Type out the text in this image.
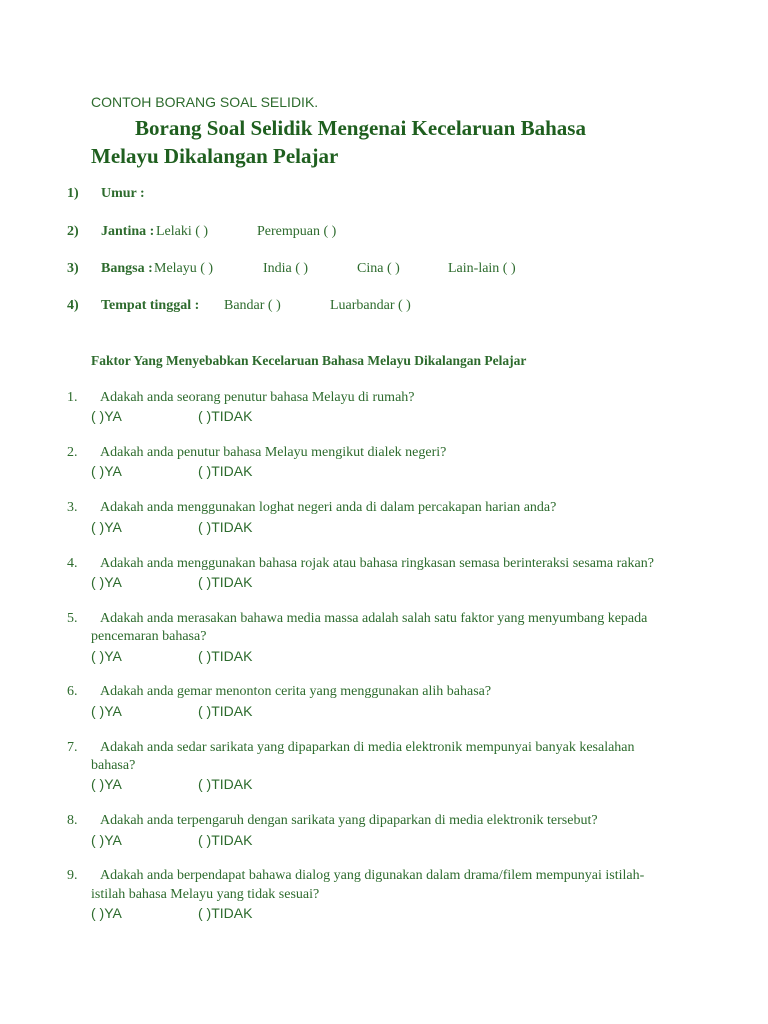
CONTOH BORANG SOAL SELIDIK.
Borang Soal Selidik Mengenai Kecelaruan Bahasa
Melayu Dikalangan Pelajar
1) Umur :
2) Jantina : Lelaki ( )	Perempuan ( )
3) Bangsa : Melayu ( )	India ( )	Cina ( )	Lain-lain ( )
4) Tempat tinggal : Bandar ( )	Luarbandar ( )
Faktor Yang Menyebabkan Kecelaruan Bahasa Melayu Dikalangan Pelajar
1. Adakah anda seorang penutur bahasa Melayu di rumah?
( )YA	( )TIDAK
2. Adakah anda penutur bahasa Melayu mengikut dialek negeri?
( )YA	( )TIDAK
3. Adakah anda menggunakan loghat negeri anda di dalam percakapan harian anda?
( )YA	( )TIDAK
4. Adakah anda menggunakan bahasa rojak atau bahasa ringkasan semasa berinteraksi sesama rakan?
( )YA	( )TIDAK
5. Adakah anda merasakan bahawa media massa adalah salah satu faktor yang menyumbang kepada
pencemaran bahasa?
( )YA	( )TIDAK
6. Adakah anda gemar menonton cerita yang menggunakan alih bahasa?
( )YA	( )TIDAK
7. Adakah anda sedar sarikata yang dipaparkan di media elektronik mempunyai banyak kesalahan
bahasa?
( )YA	( )TIDAK
8. Adakah anda terpengaruh dengan sarikata yang dipaparkan di media elektronik tersebut?
( )YA	( )TIDAK
9. Adakah anda berpendapat bahawa dialog yang digunakan dalam drama/filem mempunyai istilah-
istilah bahasa Melayu yang tidak sesuai?
( )YA	( )TIDAK
